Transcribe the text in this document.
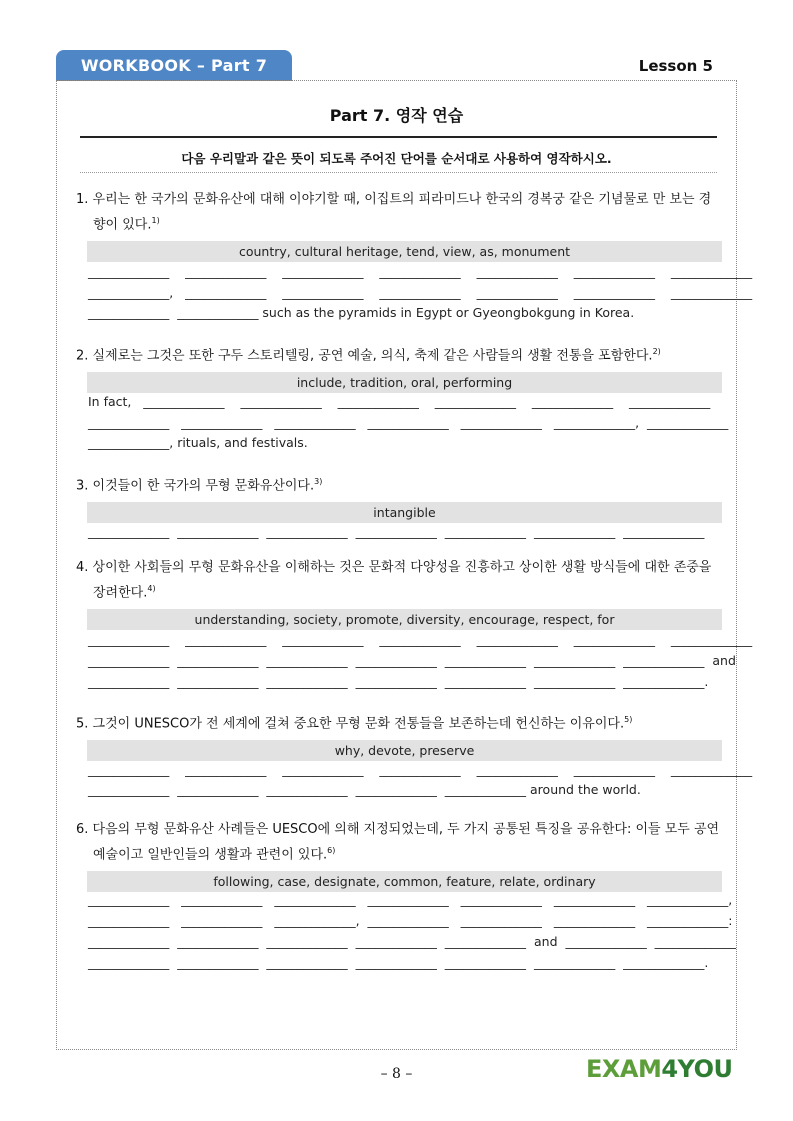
WORKBOOK – Part 7	Lesson 5
Part 7. 영작 연습
다음 우리말과 같은 뜻이 되도록 주어진 단어를 순서대로 사용하여 영작하시오.
1. 우리는 한 국가의 문화유산에 대해 이야기할 때, 이집트의 피라미드나 한국의 경복궁 같은 기념물로 만 보는 경향이 있다.$^{1)}$
country, cultural heritage, tend, view, as, monument
_____________    _____________    _____________    _____________    _____________    _____________    _____________
_____________,   _____________    _____________    _____________    _____________    _____________    _____________
_____________  _____________ such as the pyramids in Egypt or Gyeongbokgung in Korea.
2. 실제로는 그것은 또한 구두 스토리텔링, 공연 예술, 의식, 축제 같은 사람들의 생활 전통을 포함한다.$^{2)}$
include, tradition, oral, performing
In fact,   _____________    _____________    _____________    _____________    _____________    _____________
_____________   _____________   _____________   _____________   _____________   _____________,  _____________
_____________, rituals, and festivals.
3. 이것들이 한 국가의 무형 문화유산이다.$^{3)}$
intangible
_____________  _____________  _____________  _____________  _____________  _____________  _____________
4. 상이한 사회들의 무형 문화유산을 이해하는 것은 문화적 다양성을 진흥하고 상이한 생활 방식들에 대한 존중을 장려한다.$^{4)}$
understanding, society, promote, diversity, encourage, respect, for
_____________    _____________    _____________    _____________    _____________    _____________    _____________
_____________  _____________  _____________  _____________  _____________  _____________  _____________  and
_____________  _____________  _____________  _____________  _____________  _____________  _____________.
5. 그것이 UNESCO가 전 세계에 걸쳐 중요한 무형 문화 전통들을 보존하는데 헌신하는 이유이다.$^{5)}$
why, devote, preserve
_____________    _____________    _____________    _____________    _____________    _____________    _____________
_____________  _____________  _____________  _____________  _____________ around the world.
6. 다음의 무형 문화유산 사례들은 UESCO에 의해 지정되었는데, 두 가지 공통된 특징을 공유한다: 이들 모두 공연예술이고 일반인들의 생활과 관련이 있다.$^{6)}$
following, case, designate, common, feature, relate, ordinary
_____________   _____________   _____________   _____________   _____________   _____________   _____________,
_____________   _____________   _____________,  _____________   _____________   _____________   _____________:
_____________  _____________  _____________  _____________  _____________  and  _____________  _____________
_____________  _____________  _____________  _____________  _____________  _____________  _____________.
– 8 –	EXAM4YOU
